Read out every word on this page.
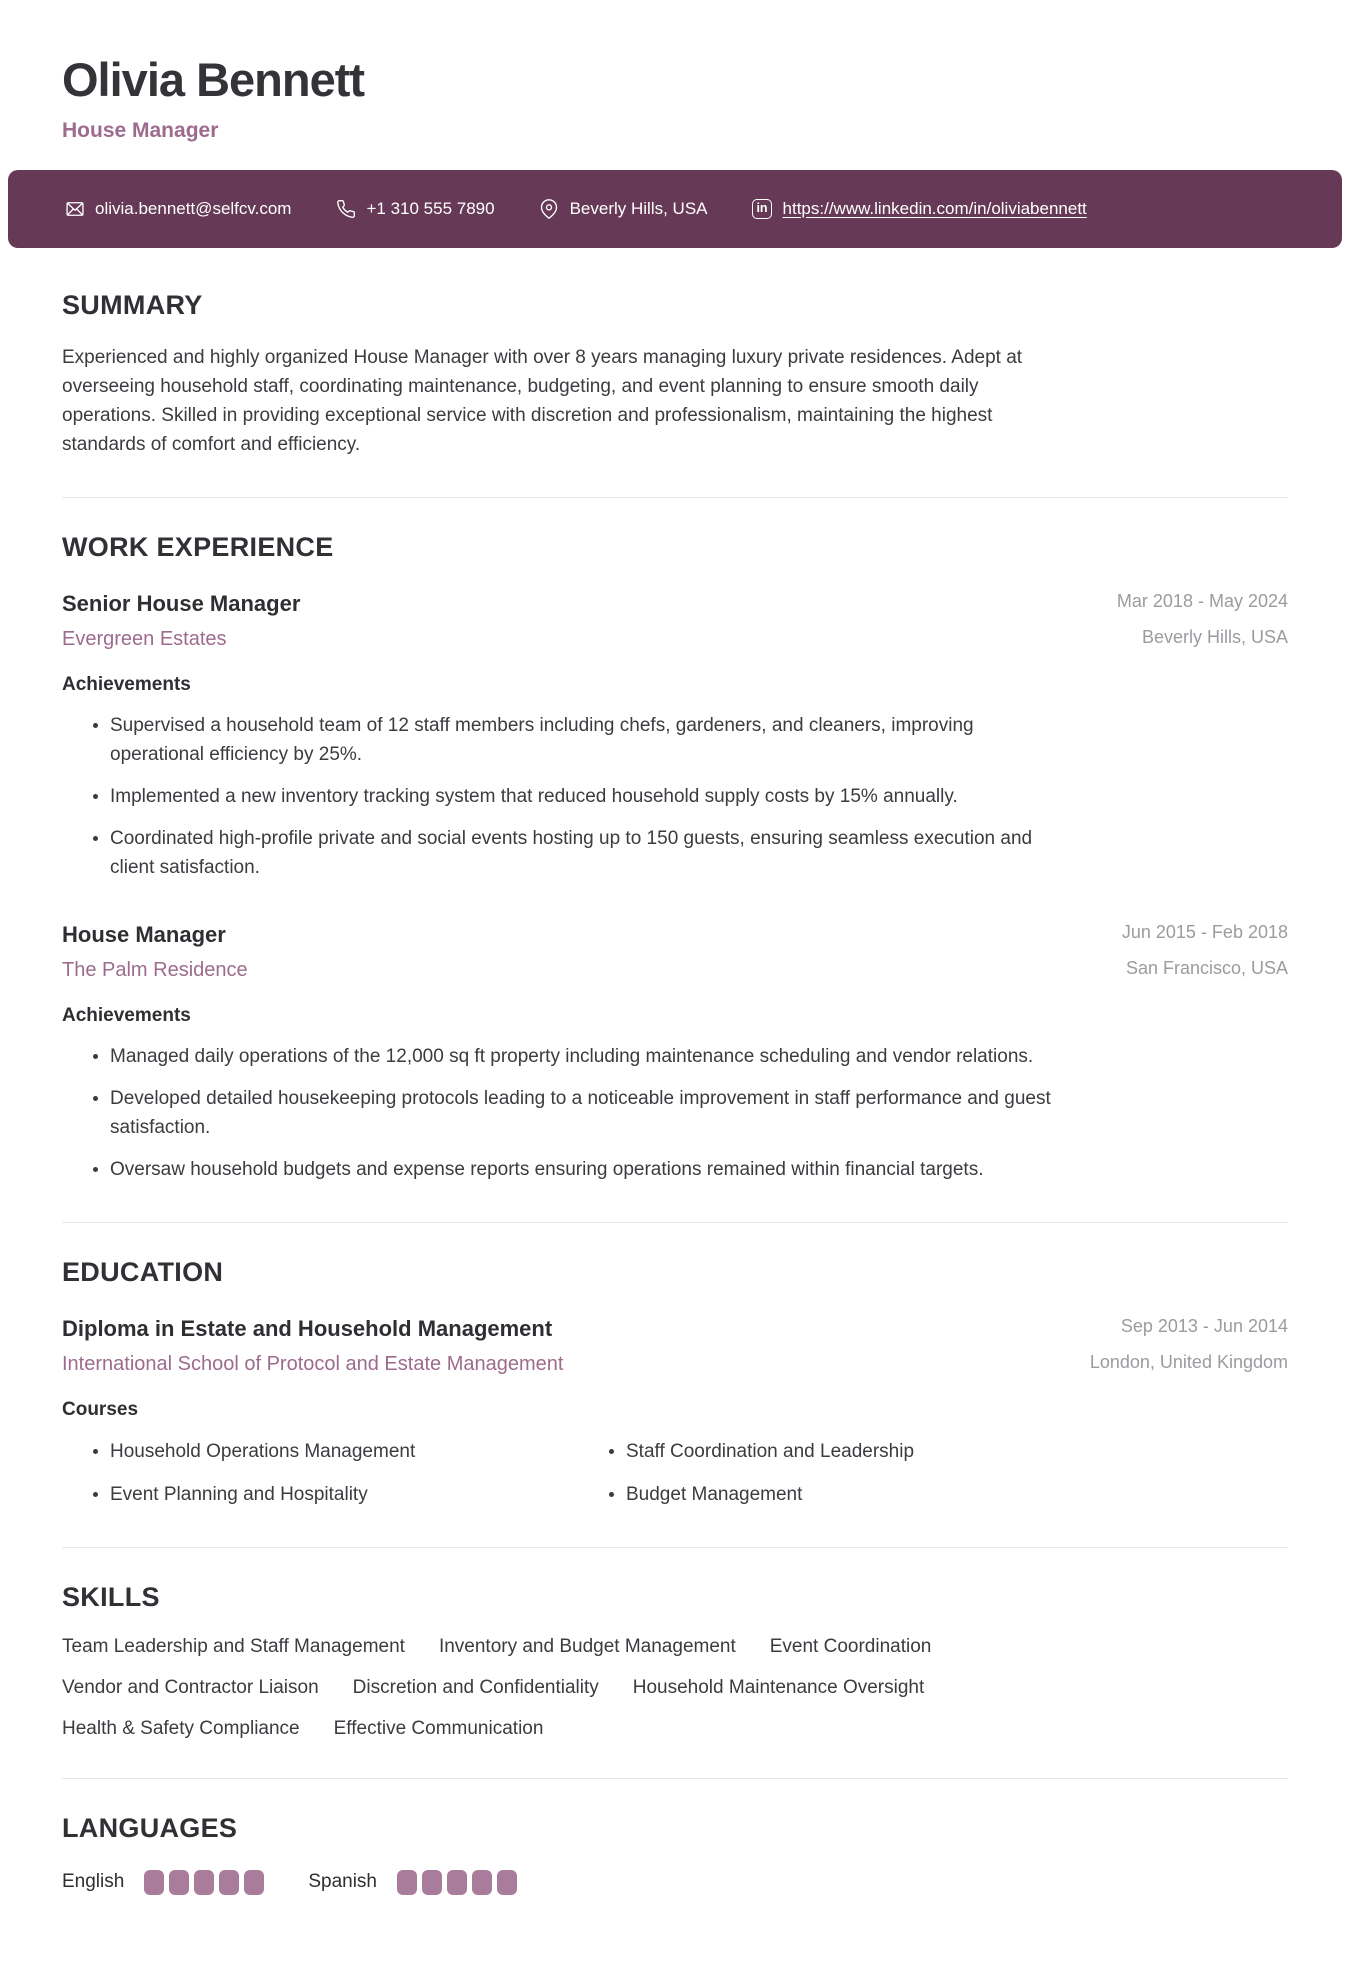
Olivia Bennett
House Manager
olivia.bennett@selfcv.com	+1 310 555 7890	Beverly Hills, USA	in https://www.linkedin.com/in/oliviabennett
SUMMARY

Experienced and highly organized House Manager with over 8 years managing luxury private residences. Adept at overseeing household staff, coordinating maintenance, budgeting, and event planning to ensure smooth daily operations. Skilled in providing exceptional service with discretion and professionalism, maintaining the highest standards of comfort and efficiency.

WORK EXPERIENCE
Senior House Manager
Evergreen Estates
Mar 2018 - May 2024
Beverly Hills, USA
Achievements
Supervised a household team of 12 staff members including chefs, gardeners, and cleaners, improving operational efficiency by 25%.
Implemented a new inventory tracking system that reduced household supply costs by 15% annually.
Coordinated high-profile private and social events hosting up to 150 guests, ensuring seamless execution and client satisfaction.
House Manager
The Palm Residence
Jun 2015 - Feb 2018
San Francisco, USA
Achievements
Managed daily operations of the 12,000 sq ft property including maintenance scheduling and vendor relations.
Developed detailed housekeeping protocols leading to a noticeable improvement in staff performance and guest satisfaction.
Oversaw household budgets and expense reports ensuring operations remained within financial targets.
EDUCATION
Diploma in Estate and Household Management
International School of Protocol and Estate Management
Sep 2013 - Jun 2014
London, United Kingdom
Courses
Household Operations Management	Staff Coordination and Leadership
Event Planning and Hospitality	Budget Management
SKILLS
Team Leadership and Staff Management Inventory and Budget Management Event Coordination
Vendor and Contractor Liaison Discretion and Confidentiality Household Maintenance Oversight
Health & Safety Compliance Effective Communication
LANGUAGES
English	Spanish
